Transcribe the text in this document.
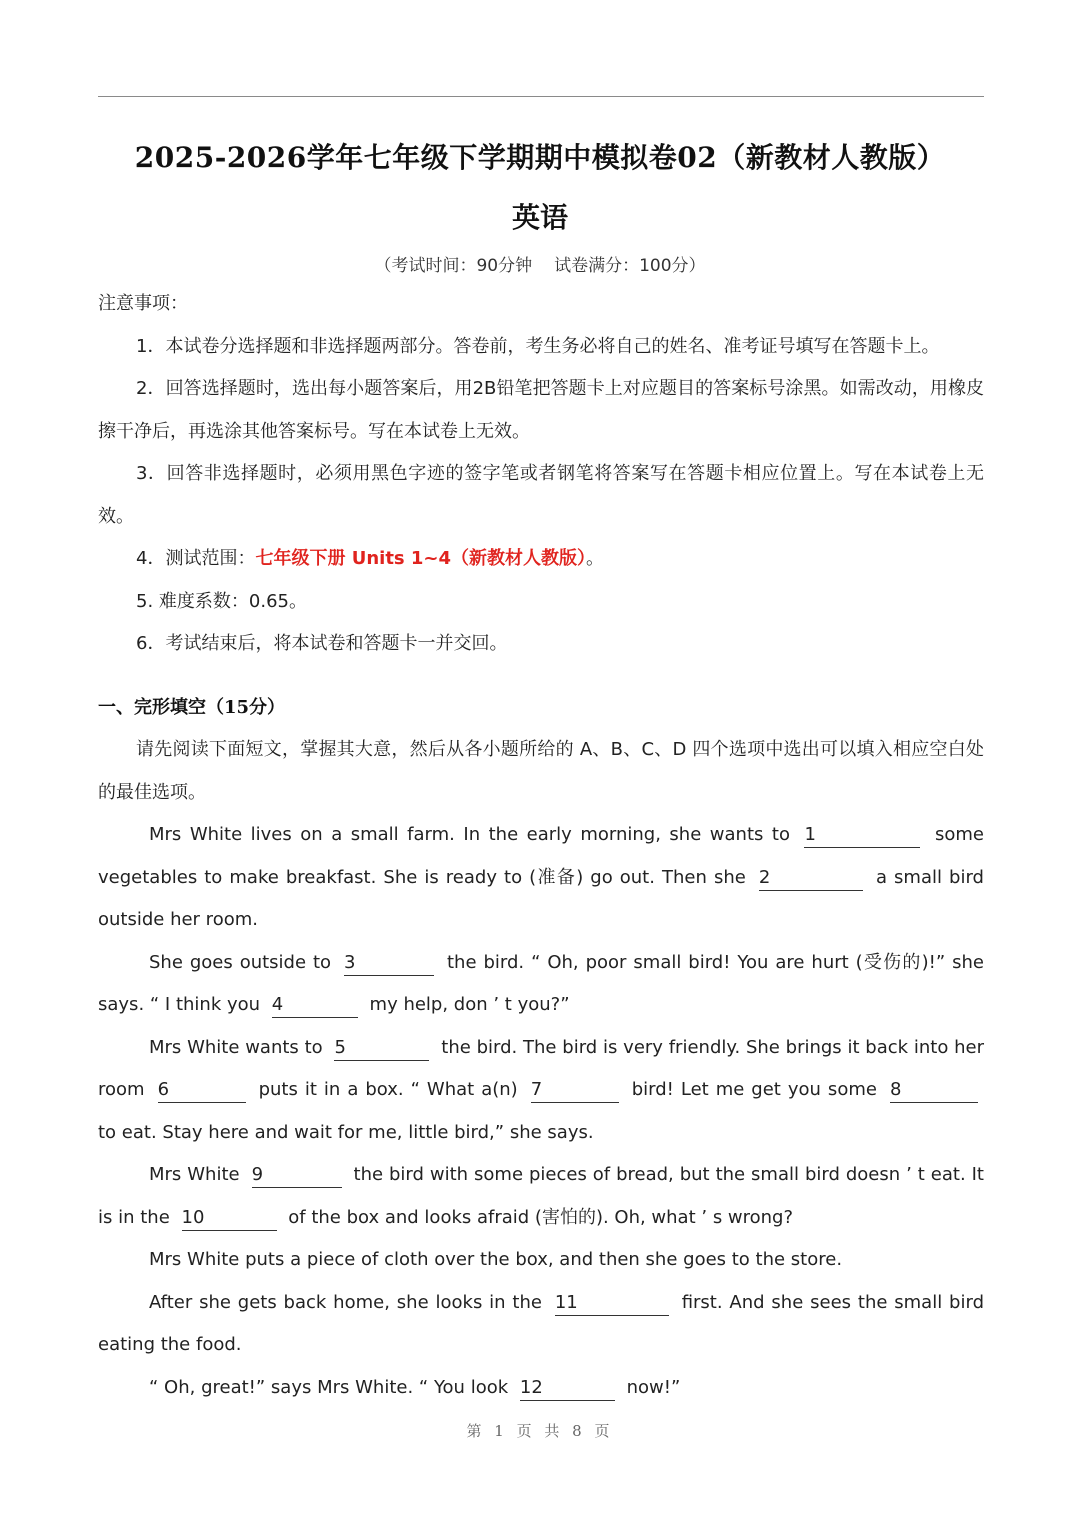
2025-2026学年七年级下学期期中模拟卷02（新教材人教版）
英语
（考试时间：90分钟 试卷满分：100分）

注意事项：

1．本试卷分选择题和非选择题两部分。答卷前，考生务必将自己的姓名、准考证号填写在答题卡上。

2．回答选择题时，选出每小题答案后，用2B铅笔把答题卡上对应题目的答案标号涂黑。如需改动，用橡皮擦干净后，再选涂其他答案标号。写在本试卷上无效。

3．回答非选择题时，必须用黑色字迹的签字笔或者钢笔将答案写在答题卡相应位置上。写在本试卷上无效。

4．测试范围：七年级下册 Units 1~4（新教材人教版）。

5. 难度系数：0.65。

6．考试结束后，将本试卷和答题卡一并交回。

一、完形填空（15分）

请先阅读下面短文，掌握其大意，然后从各小题所给的 A、B、C、D 四个选项中选出可以填入相应空白处的最佳选项。

Mrs White lives on a small farm. In the early morning, she wants to 1	some vegetables to make breakfast. She is ready to (准备) go out. Then she 2	a small bird outside her room.

She goes outside to 3	the bird. “ Oh, poor small bird! You are hurt (受伤的)!” she says. “ I think you 4	my help, don ’ t you?”

Mrs White wants to 5	the bird. The bird is very friendly. She brings it back into her room 6	puts it in a box. “ What a(n) 7	bird! Let me get you some 8 to eat. Stay here and wait for me, little bird,” she says.

Mrs White 9	the bird with some pieces of bread, but the small bird doesn ’ t eat. It is in the 10	of the box and looks afraid (害怕的). Oh, what ’ s wrong?

Mrs White puts a piece of cloth over the box, and then she goes to the store.

After she gets back home, she looks in the 11	first. And she sees the small bird eating the food.

“ Oh, great!” says Mrs White. “ You look 12	now!”

第 1 页 共 8 页
